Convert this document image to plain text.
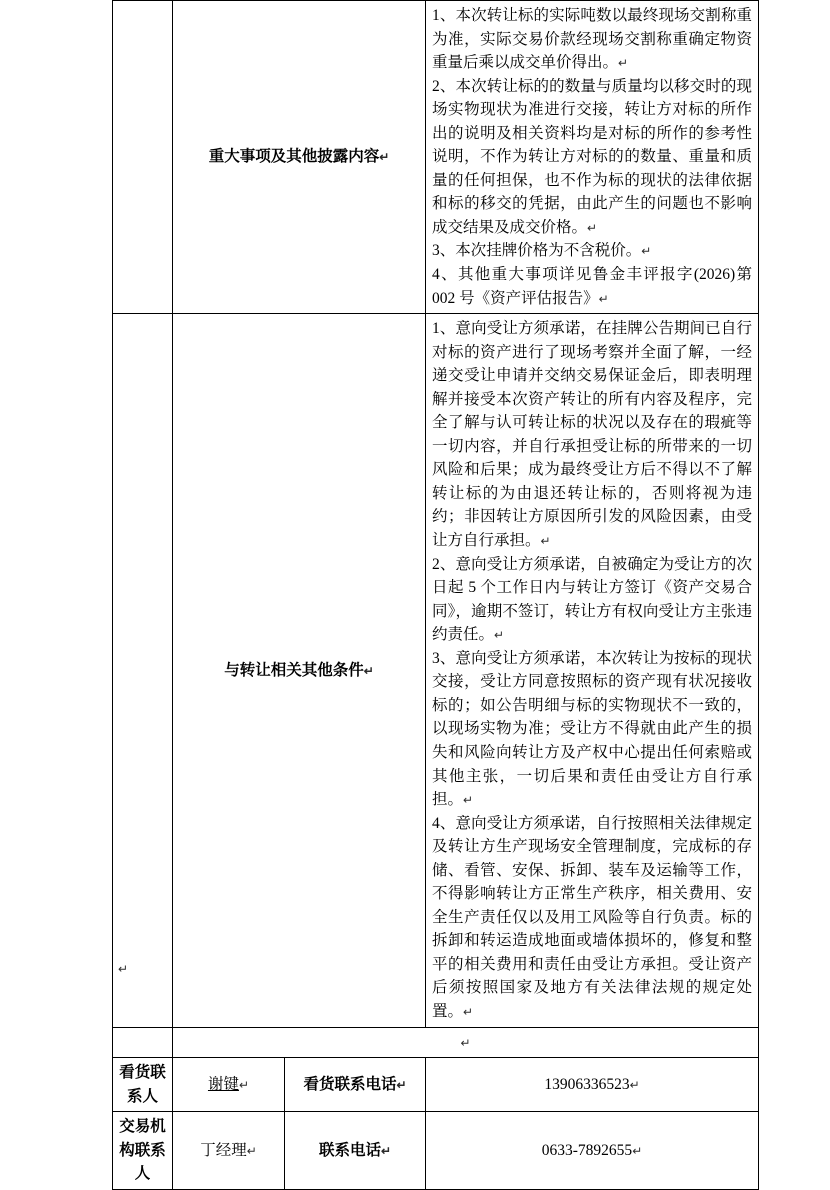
	重大事项及其他披露内容↵		1、本次转让标的实际吨数以最终现场交割称重为准，实际交易价款经现场交割称重确定物资重量后乘以成交单价得出。↵

2、本次转让标的的数量与质量均以移交时的现场实物现状为准进行交接，转让方对标的所作出的说明及相关资料均是对标的所作的参考性说明，不作为转让方对标的的数量、重量和质量的任何担保，也不作为标的现状的法律依据和标的移交的凭据，由此产生的问题也不影响成交结果及成交价格。↵

3、本次挂牌价格为不含税价。↵

4、其他重大事项详见鲁金丰评报字(2026)第 002 号《资产评估报告》↵

	与转让相关其他条件↵		1、意向受让方须承诺，在挂牌公告期间已自行对标的资产进行了现场考察并全面了解，一经递交受让申请并交纳交易保证金后，即表明理解并接受本次资产转让的所有内容及程序，完全了解与认可转让标的状况以及存在的瑕疵等一切内容，并自行承担受让标的所带来的一切风险和后果；成为最终受让方后不得以不了解转让标的为由退还转让标的，否则将视为违约；非因转让方原因所引发的风险因素，由受让方自行承担。↵

2、意向受让方须承诺，自被确定为受让方的次日起 5 个工作日内与转让方签订《资产交易合同》，逾期不签订，转让方有权向受让方主张违约责任。↵

3、意向受让方须承诺，本次转让为按标的现状交接，受让方同意按照标的资产现有状况接收标的；如公告明细与标的实物现状不一致的，以现场实物为准；受让方不得就由此产生的损失和风险向转让方及产权中心提出任何索赔或其他主张，一切后果和责任由受让方自行承担。↵

4、意向受让方须承诺，自行按照相关法律规定及转让方生产现场安全管理制度，完成标的存储、看管、安保、拆卸、装车及运输等工作，不得影响转让方正常生产秩序，相关费用、安全生产责任仅以及用工风险等自行负责。标的拆卸和转运造成地面或墙体损坏的，修复和整平的相关费用和责任由受让方承担。受让资产后须按照国家及地方有关法律法规的规定处置。↵

	↵		
看货联系人	谢键↵	看货联系电话↵	13906336523↵
交易机构联系人	丁经理↵	联系电话↵	0633-7892655↵
↵
